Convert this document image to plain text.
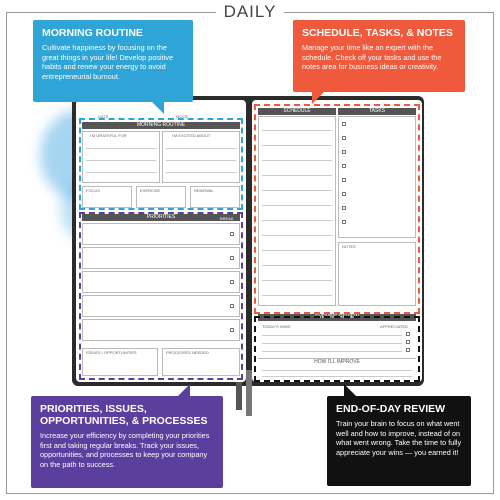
DAILY
DATE	MOOD
MORNING ROUTINE
I'M GRATEFUL FOR	I'M EXCITED ABOUT
FOCUS	EXERCISE	RENEWAL
PRIORITIES	BREAK
ISSUES / OPPORTUNITIES	PROCESSES NEEDED
SCHEDULE	TASKS
NOTES
EVENING REVIEW
TODAY'S WINS	APPRECIATED
HOW I'LL IMPROVE
MORNING ROUTINE

Cultivate happiness by focusing on the great things in your life! Develop positive habits and renew your energy to avoid entrepreneurial burnout.

SCHEDULE, TASKS, & NOTES

Manage your time like an expert with the schedule. Check off your tasks and use the notes area for business ideas or creativity.

PRIORITIES, ISSUES, OPPORTUNITIES, & PROCESSES

Increase your efficiency by completing your priorities first and taking regular breaks. Track your issues, opportunities, and processes to keep your company on the path to success.

END-OF-DAY REVIEW

Train your brain to focus on what went well and how to improve, instead of on what went wrong. Take the time to fully appreciate your wins — you earned it!
